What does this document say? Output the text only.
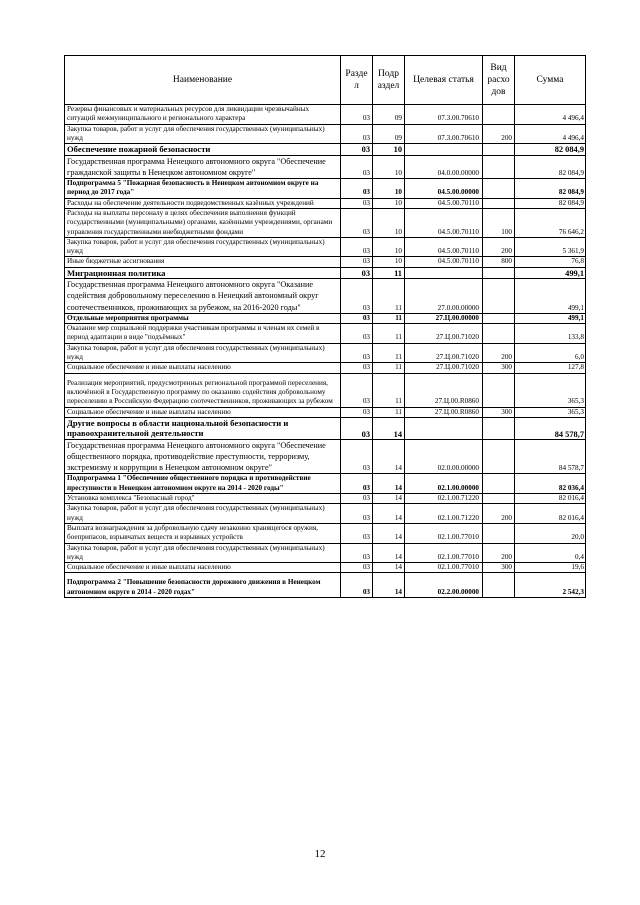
Наименование	Разде л	Подр аздел	Целевая статья	Вид расхо дов	Сумма
Резервы финансовых и материальных ресурсов для ликвидации чрезвычайных ситуаций межмуниципального и регионального характера	03	09	07.3.00.70610		4 496,4
Закупка товаров, работ и услуг для обеспечения государственных (муниципальных) нужд	03	09	07.3.00.70610	200	4 496,4
Обеспечение пожарной безопасности	03	10			82 084,9
Государственная программа Ненецкого автономного округа "Обеспечение гражданской защиты в Ненецком автономном округе"	03	10	04.0.00.00000		82 084,9
Подпрограмма 5 "Пожарная безопасность в Ненецком автономном округе на период до 2017 года"	03	10	04.5.00.00000		82 084,9
Расходы на обеспечение деятельности подведомственных казённых учреждений	03	10	04.5.00.70110		82 084,9
Расходы на выплаты персоналу в целях обеспечения выполнения функций государственными (муниципальными) органами, казёнными учреждениями, органами управления государственными внебюджетными фондами	03	10	04.5.00.70110	100	76 646,2
Закупка товаров, работ и услуг для обеспечения государственных (муниципальных) нужд	03	10	04.5.00.70110	200	5 361,9
Иные бюджетные ассигнования	03	10	04.5.00.70110	800	76,8
Миграционная политика	03	11			499,1
Государственная программа Ненецкого автономного округа "Оказание содействия добровольному переселению в Ненецкий автономный округ соотечественников, проживающих за рубежом, на 2016-2020 годы"	03	11	27.0.00.00000		499,1
Отдельные мероприятия программы	03	11	27.Ц.00.00000		499,1
Оказание мер социальной поддержки участникам программы и членам их семей в период адаптации в виде "подъёмных"	03	11	27.Ц.00.71020		133,8
Закупка товаров, работ и услуг для обеспечения государственных (муниципальных) нужд	03	11	27.Ц.00.71020	200	6,0
Социальное обеспечение и иные выплаты населению	03	11	27.Ц.00.71020	300	127,8
Реализация мероприятий, предусмотренных региональной программой переселения, включённой в Государственную программу по оказанию содействия добровольному переселению в Российскую Федерацию соотечественников, проживающих за рубежом	03	11	27.Ц.00.R0860		365,3
Социальное обеспечение и иные выплаты населению	03	11	27.Ц.00.R0860	300	365,3
Другие вопросы в области национальной безопасности и правоохранительной деятельности	03	14			84 578,7
Государственная программа Ненецкого автономного округа "Обеспечение общественного порядка, противодействие преступности, терроризму, экстремизму и коррупции в Ненецком автономном округе"	03	14	02.0.00.00000		84 578,7
Подпрограмма 1 "Обеспечение общественного порядка и противодействие преступности в Ненецком автономном округе на 2014 - 2020 годы"	03	14	02.1.00.00000		82 036,4
Установка комплекса "Безопасный город"	03	14	02.1.00.71220		82 016,4
Закупка товаров, работ и услуг для обеспечения государственных (муниципальных) нужд	03	14	02.1.00.71220	200	82 016,4
Выплата вознаграждения за добровольную сдачу незаконно хранящегося оружия, боеприпасов, взрывчатых веществ и взрывных устройств	03	14	02.1.00.77010		20,0
Закупка товаров, работ и услуг для обеспечения государственных (муниципальных) нужд	03	14	02.1.00.77010	200	0,4
Социальное обеспечение и иные выплаты населению	03	14	02.1.00.77010	300	19,6
Подпрограмма 2 "Повышение безопасности дорожного движения в Ненецком автономном округе в 2014 - 2020 годах"	03	14	02.2.00.00000		2 542,3
12
